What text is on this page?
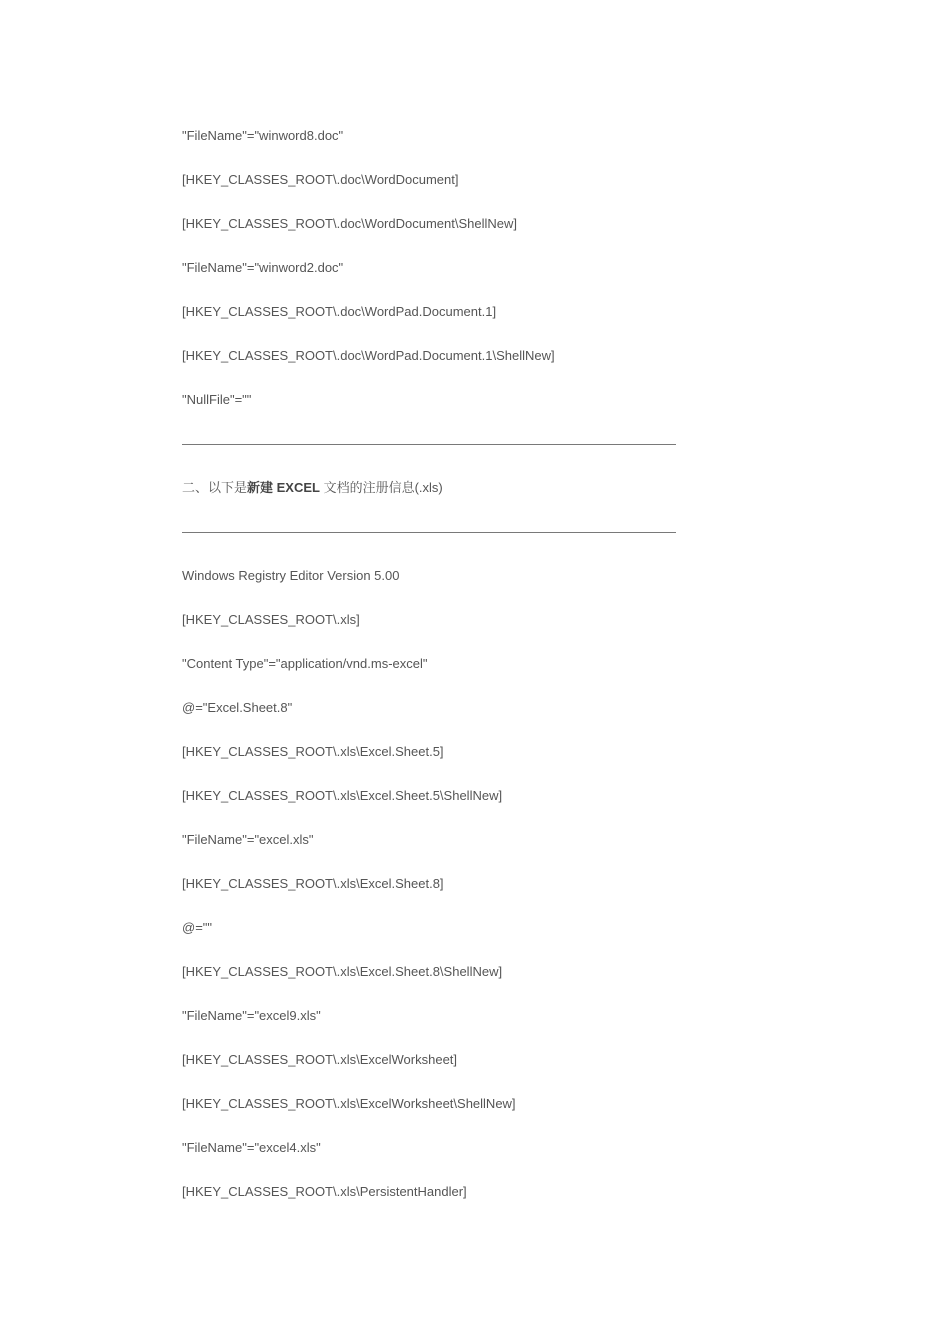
"FileName"="winword8.doc"
[HKEY_CLASSES_ROOT\.doc\WordDocument]
[HKEY_CLASSES_ROOT\.doc\WordDocument\ShellNew]
"FileName"="winword2.doc"
[HKEY_CLASSES_ROOT\.doc\WordPad.Document.1]
[HKEY_CLASSES_ROOT\.doc\WordPad.Document.1\ShellNew]
"NullFile"=""
——————————————————————————————————————
二、以下是新建 EXCEL 文档的注册信息(.xls)
——————————————————————————————————————
Windows Registry Editor Version 5.00
[HKEY_CLASSES_ROOT\.xls]
"Content Type"="application/vnd.ms-excel"
@="Excel.Sheet.8"
[HKEY_CLASSES_ROOT\.xls\Excel.Sheet.5]
[HKEY_CLASSES_ROOT\.xls\Excel.Sheet.5\ShellNew]
"FileName"="excel.xls"
[HKEY_CLASSES_ROOT\.xls\Excel.Sheet.8]
@=""
[HKEY_CLASSES_ROOT\.xls\Excel.Sheet.8\ShellNew]
"FileName"="excel9.xls"
[HKEY_CLASSES_ROOT\.xls\ExcelWorksheet]
[HKEY_CLASSES_ROOT\.xls\ExcelWorksheet\ShellNew]
"FileName"="excel4.xls"
[HKEY_CLASSES_ROOT\.xls\PersistentHandler]
